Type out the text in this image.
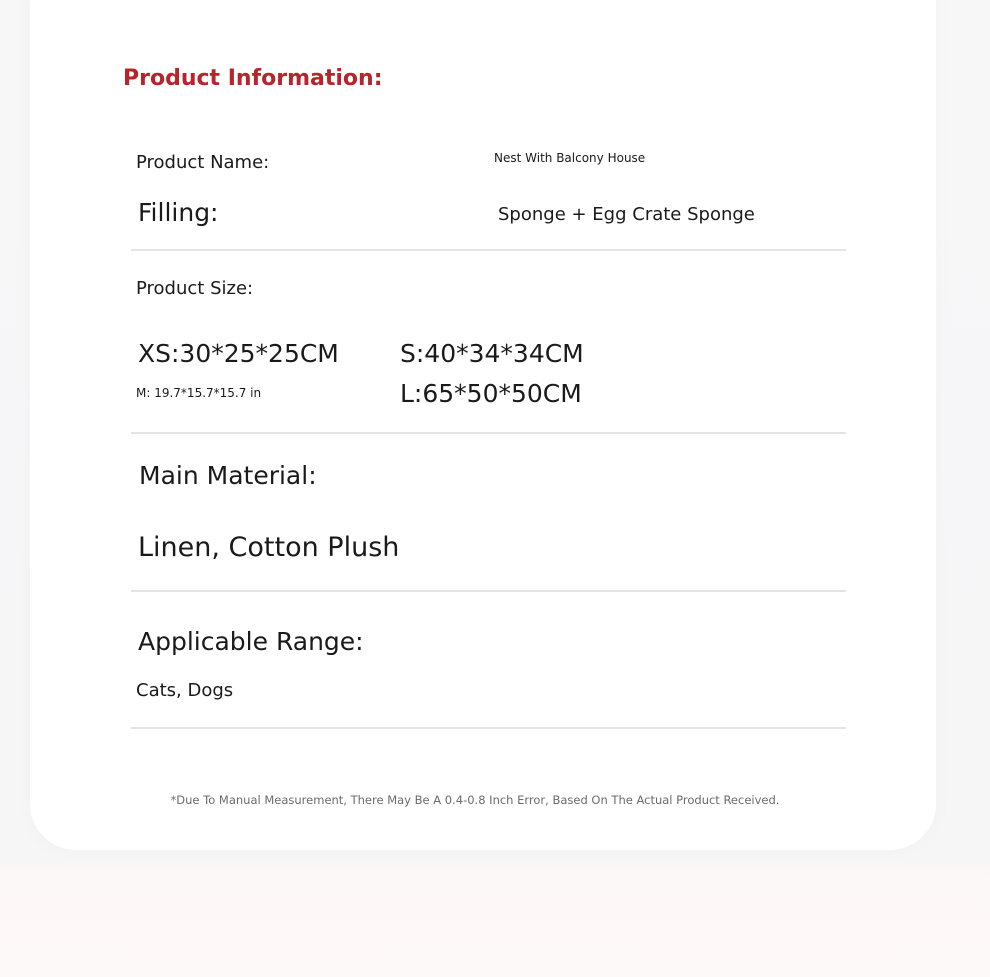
Product Information:
Product Name:	Nest With Balcony House
Filling:	Sponge + Egg Crate Sponge
Product Size:
XS:30*25*25CM S:40*34*34CM
M: 19.7*15.7*15.7 in	L:65*50*50CM
Main Material:
Linen, Cotton Plush
Applicable Range:
Cats, Dogs
*Due To Manual Measurement, There May Be A 0.4-0.8 Inch Error, Based On The Actual Product Received.
